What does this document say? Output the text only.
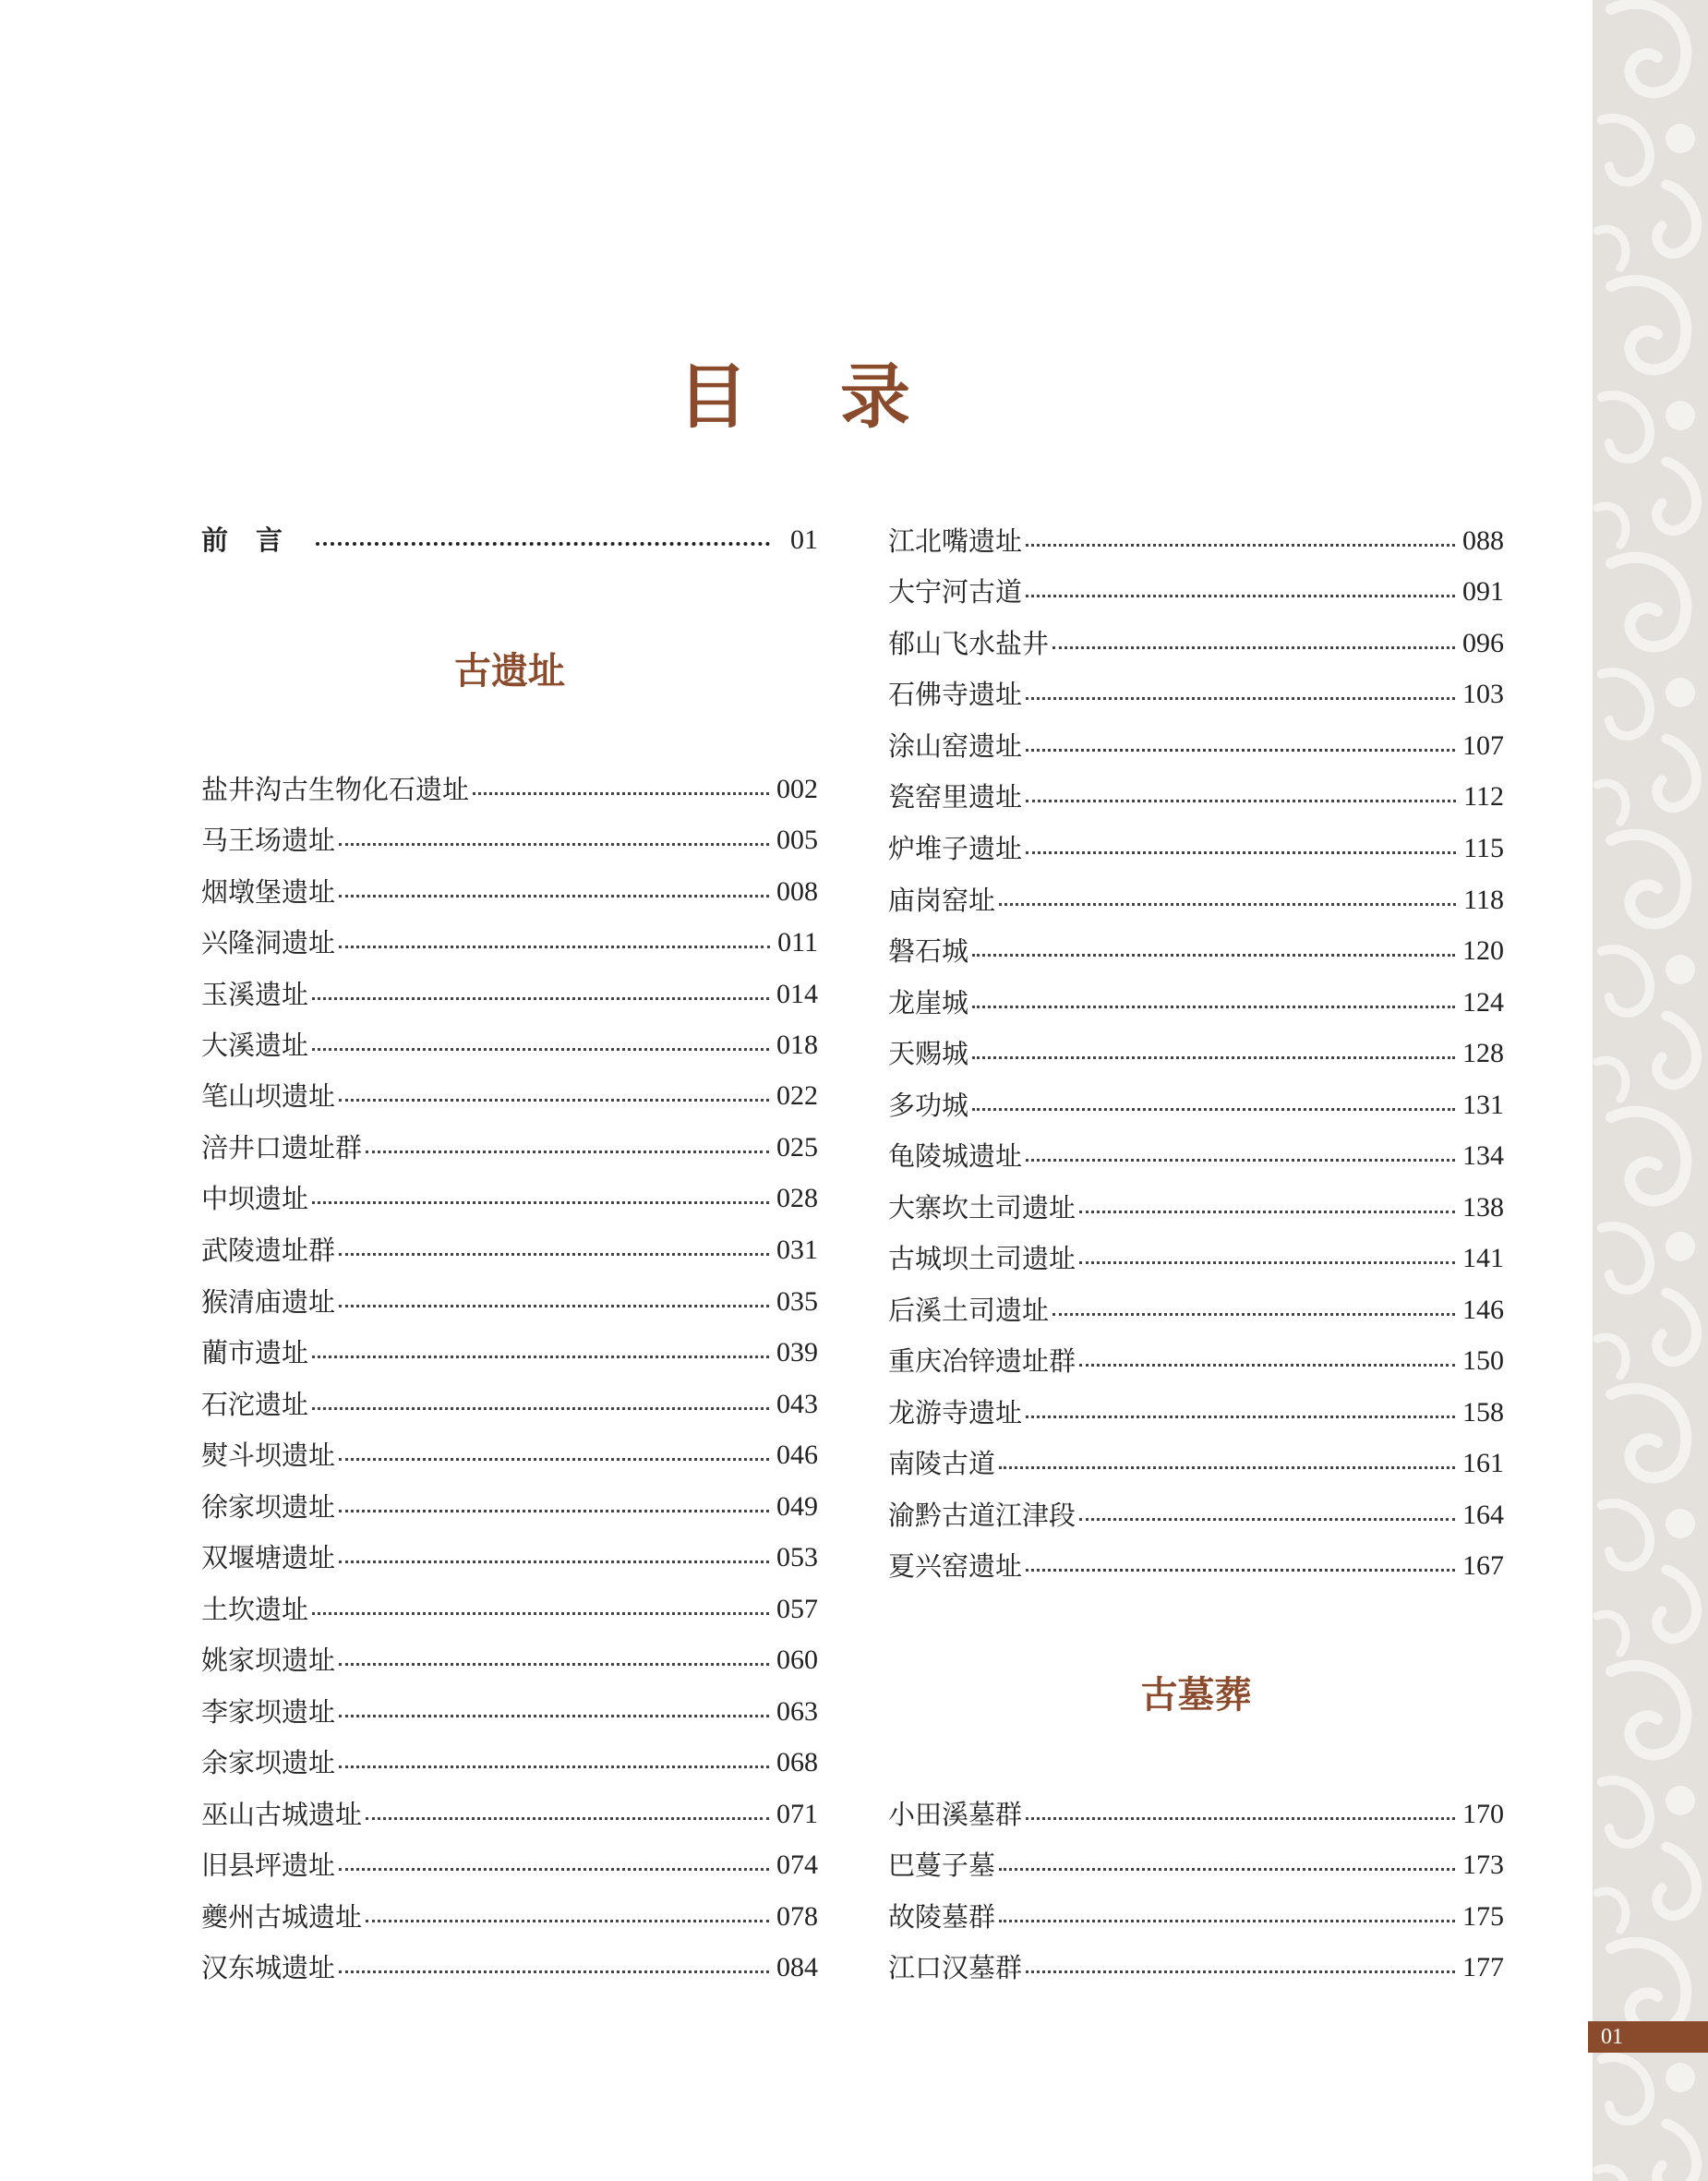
01
目录
前言	01
古遗址
盐井沟古生物化石遗址	002
马王场遗址	005
烟墩堡遗址	008
兴隆洞遗址	011
玉溪遗址	014
大溪遗址	018
笔山坝遗址	022
涪井口遗址群	025
中坝遗址	028
武陵遗址群	031
猴清庙遗址	035
藺市遗址	039
石沱遗址	043
熨斗坝遗址	046
徐家坝遗址	049
双堰塘遗址	053
土坎遗址	057
姚家坝遗址	060
李家坝遗址	063
余家坝遗址	068
巫山古城遗址	071
旧县坪遗址	074
夔州古城遗址	078
汉东城遗址	084
江北嘴遗址	088
大宁河古道	091
郁山飞水盐井	096
石佛寺遗址	103
涂山窑遗址	107
瓷窑里遗址	112
炉堆子遗址	115
庙岗窑址	118
磐石城	120
龙崖城	124
天赐城	128
多功城	131
龟陵城遗址	134
大寨坎土司遗址	138
古城坝土司遗址	141
后溪土司遗址	146
重庆冶锌遗址群	150
龙游寺遗址	158
南陵古道	161
渝黔古道江津段	164
夏兴窑遗址	167
古墓葬
小田溪墓群	170
巴蔓子墓	173
故陵墓群	175
江口汉墓群	177
